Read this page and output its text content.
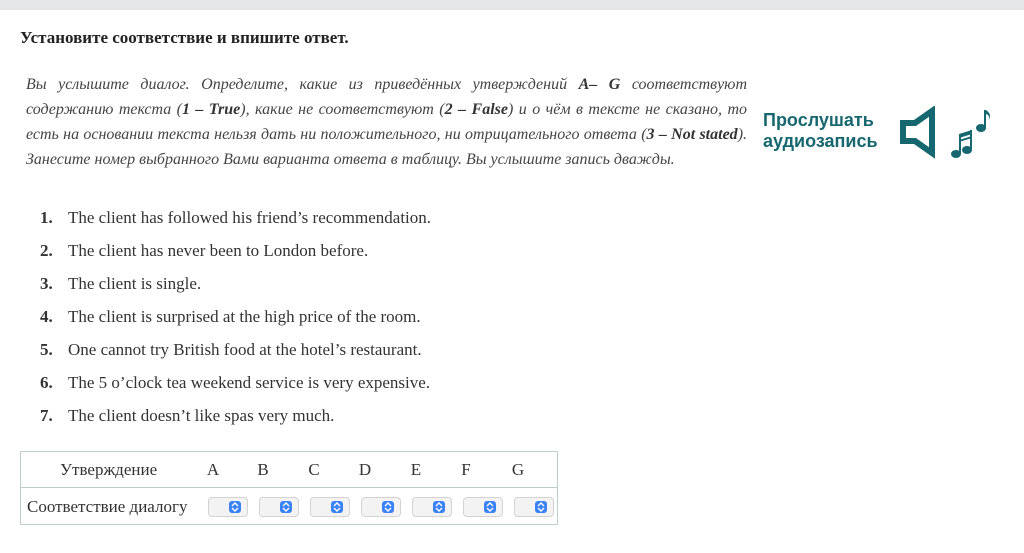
Установите соответствие и впишите ответ.
Вы услышите диалог. Определите, какие из приведённых утверждений A– G соответствуют содержанию текста (1 – True), какие не соответствуют (2 – False) и о чём в тексте не сказано, то есть на основании текста нельзя дать ни положительного, ни отрицательного ответа (3 – Not stated). Занесите номер выбранного Вами варианта ответа в таблицу. Вы услышите запись дважды.
Прослушать
аудиозапись
1. The client has followed his friend’s recommendation.
2. The client has never been to London before.
3. The client is single.
4. The client is surprised at the high price of the room.
5. One cannot try British food at the hotel’s restaurant.
6. The 5 o’clock tea weekend service is very expensive.
7. The client doesn’t like spas very much.
Утверждение	A B C D E	F	G
Соответствие диалогу
